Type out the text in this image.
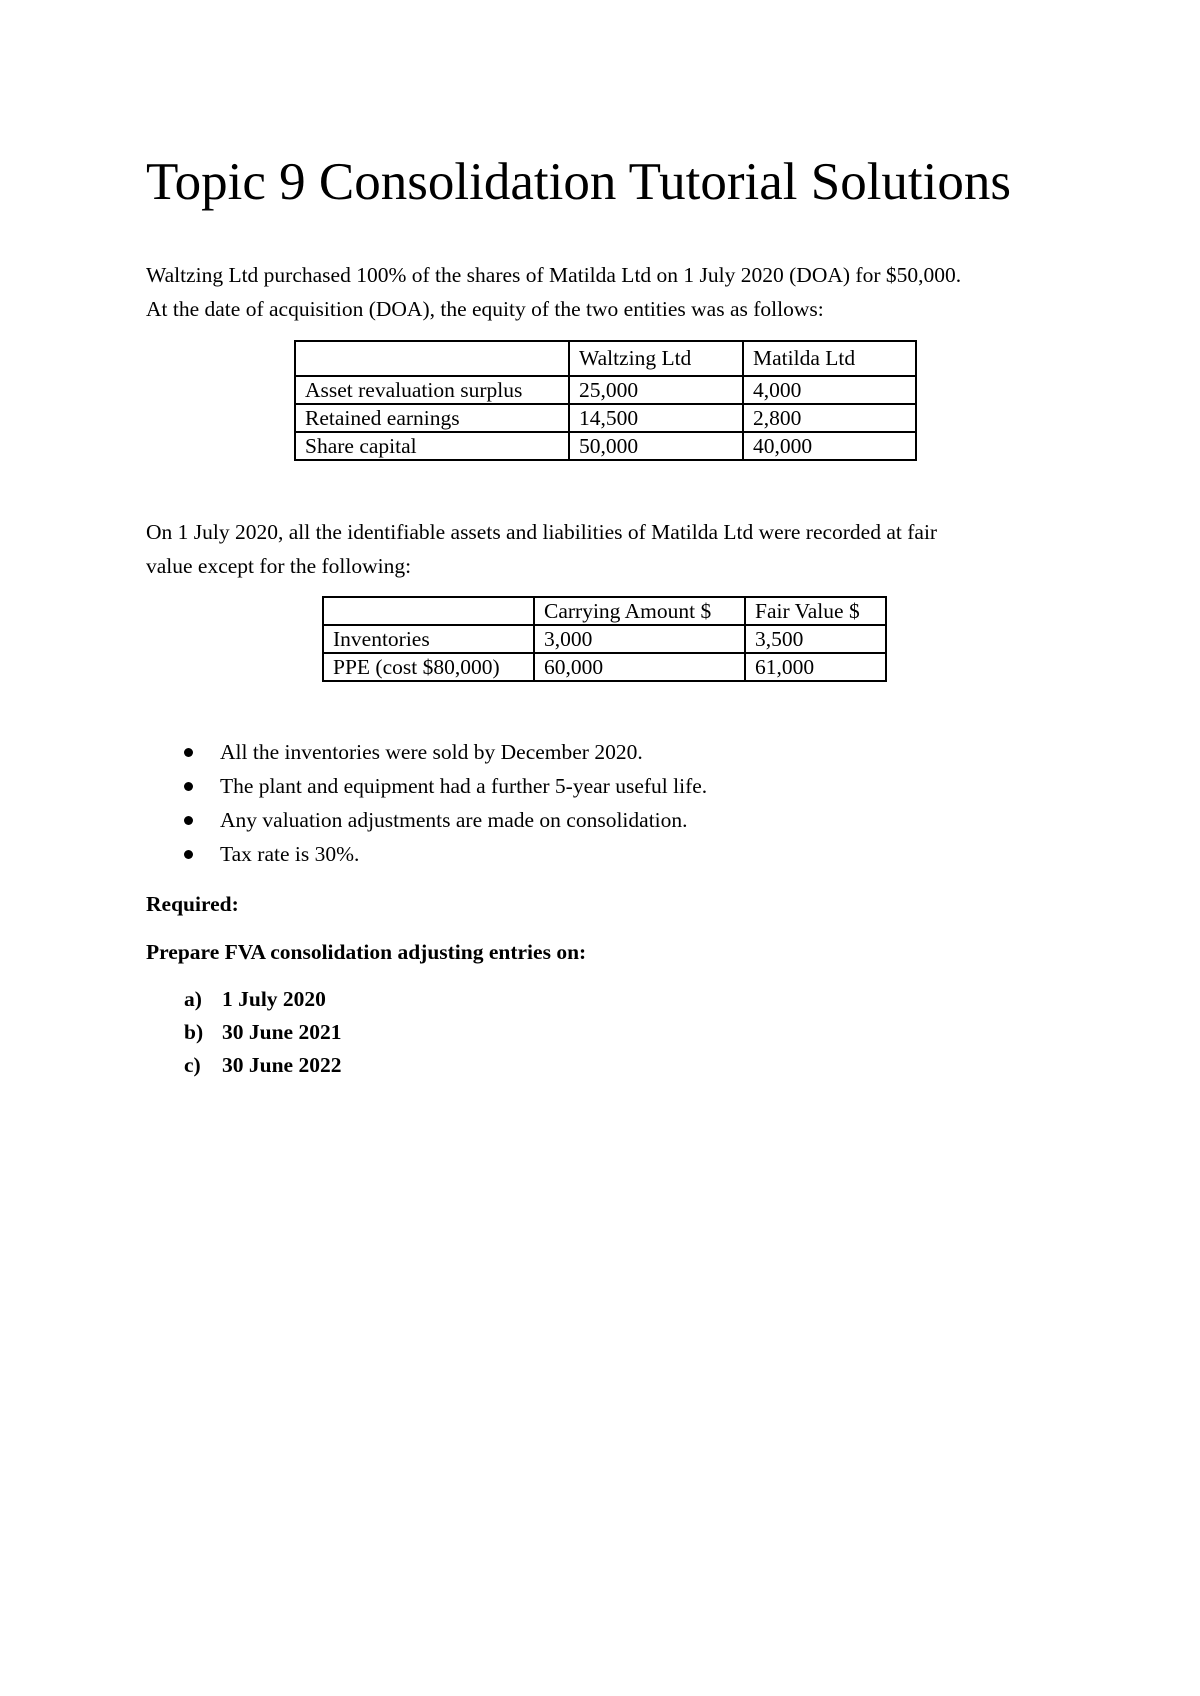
Topic 9 Consolidation Tutorial Solutions

Waltzing Ltd purchased 100% of the shares of Matilda Ltd on 1 July 2020 (DOA) for $50,000.
At the date of acquisition (DOA), the equity of the two entities was as follows:

	Waltzing Ltd	Matilda Ltd
Asset revaluation surplus	25,000	4,000
Retained earnings	14,500	2,800
Share capital	50,000	40,000

On 1 July 2020, all the identifiable assets and liabilities of Matilda Ltd were recorded at fair
value except for the following:

	Carrying Amount $	Fair Value $
Inventories	3,000	3,500
PPE (cost $80,000)	60,000	61,000
All the inventories were sold by December 2020.
The plant and equipment had a further 5-year useful life.
Any valuation adjustments are made on consolidation.
Tax rate is 30%.

Required:

Prepare FVA consolidation adjusting entries on:

a) 1 July 2020
b) 30 June 2021
c) 30 June 2022
